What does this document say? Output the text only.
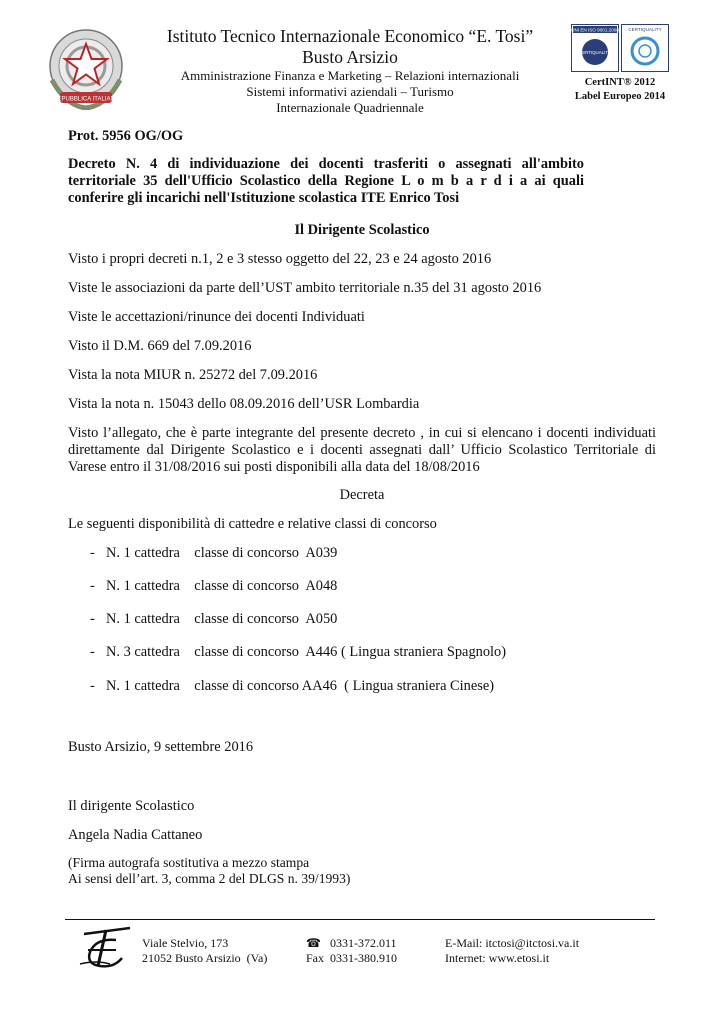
REPUBBLICA ITALIANA
Istituto Tecnico Internazionale Economico “E. Tosi”
Busto Arsizio
Amministrazione Finanza e Marketing – Relazioni internazionali
Sistemi informativi aziendali – Turismo
Internazionale Quadriennale
UNI EN ISO 9001:2008
CERTIQUALITY
CERTIQUALITY
CertINT® 2012
Label Europeo 2014
Prot. 5956 OG/OG
Decreto N. 4 di individuazione dei docenti trasferiti o assegnati all'ambito territoriale 35 dell'Ufficio Scolastico della Regione L o m b a r d i a ai quali conferire gli incarichi nell'Istituzione scolastica ITE Enrico Tosi
Il Dirigente Scolastico
Visto i propri decreti n.1, 2 e 3 stesso oggetto del 22, 23 e 24 agosto 2016
Viste le associazioni da parte dell’UST ambito territoriale n.35 del 31 agosto 2016
Viste le accettazioni/rinunce dei docenti Individuati
Visto il D.M. 669 del 7.09.2016
Vista la nota MIUR n. 25272 del 7.09.2016
Vista la nota n. 15043 dello 08.09.2016 dell’USR Lombardia
Visto l’allegato, che è parte integrante del presente decreto , in cui si elencano i docenti individuati direttamente dal Dirigente Scolastico e i docenti assegnati dall’ Ufficio Scolastico Territoriale di Varese entro il 31/08/2016 sui posti disponibili alla data del 18/08/2016
Decreta
Le seguenti disponibilità di cattedre e relative classi di concorso
- N. 1 cattedra    classe di concorso  A039
- N. 1 cattedra    classe di concorso  A048
- N. 1 cattedra    classe di concorso  A050
- N. 3 cattedra    classe di concorso  A446 ( Lingua straniera Spagnolo)
- N. 1 cattedra    classe di concorso AA46  ( Lingua straniera Cinese)
Busto Arsizio, 9 settembre 2016
Il dirigente Scolastico
Angela Nadia Cattaneo
(Firma autografa sostitutiva a mezzo stampa
Ai sensi dell’art. 3, comma 2 del DLGS n. 39/1993)
Viale Stelvio, 173
21052 Busto Arsizio  (Va)
☎ 0331-372.011
Fax  0331-380.910
E-Mail: itctosi@itctosi.va.it
Internet: www.etosi.it
